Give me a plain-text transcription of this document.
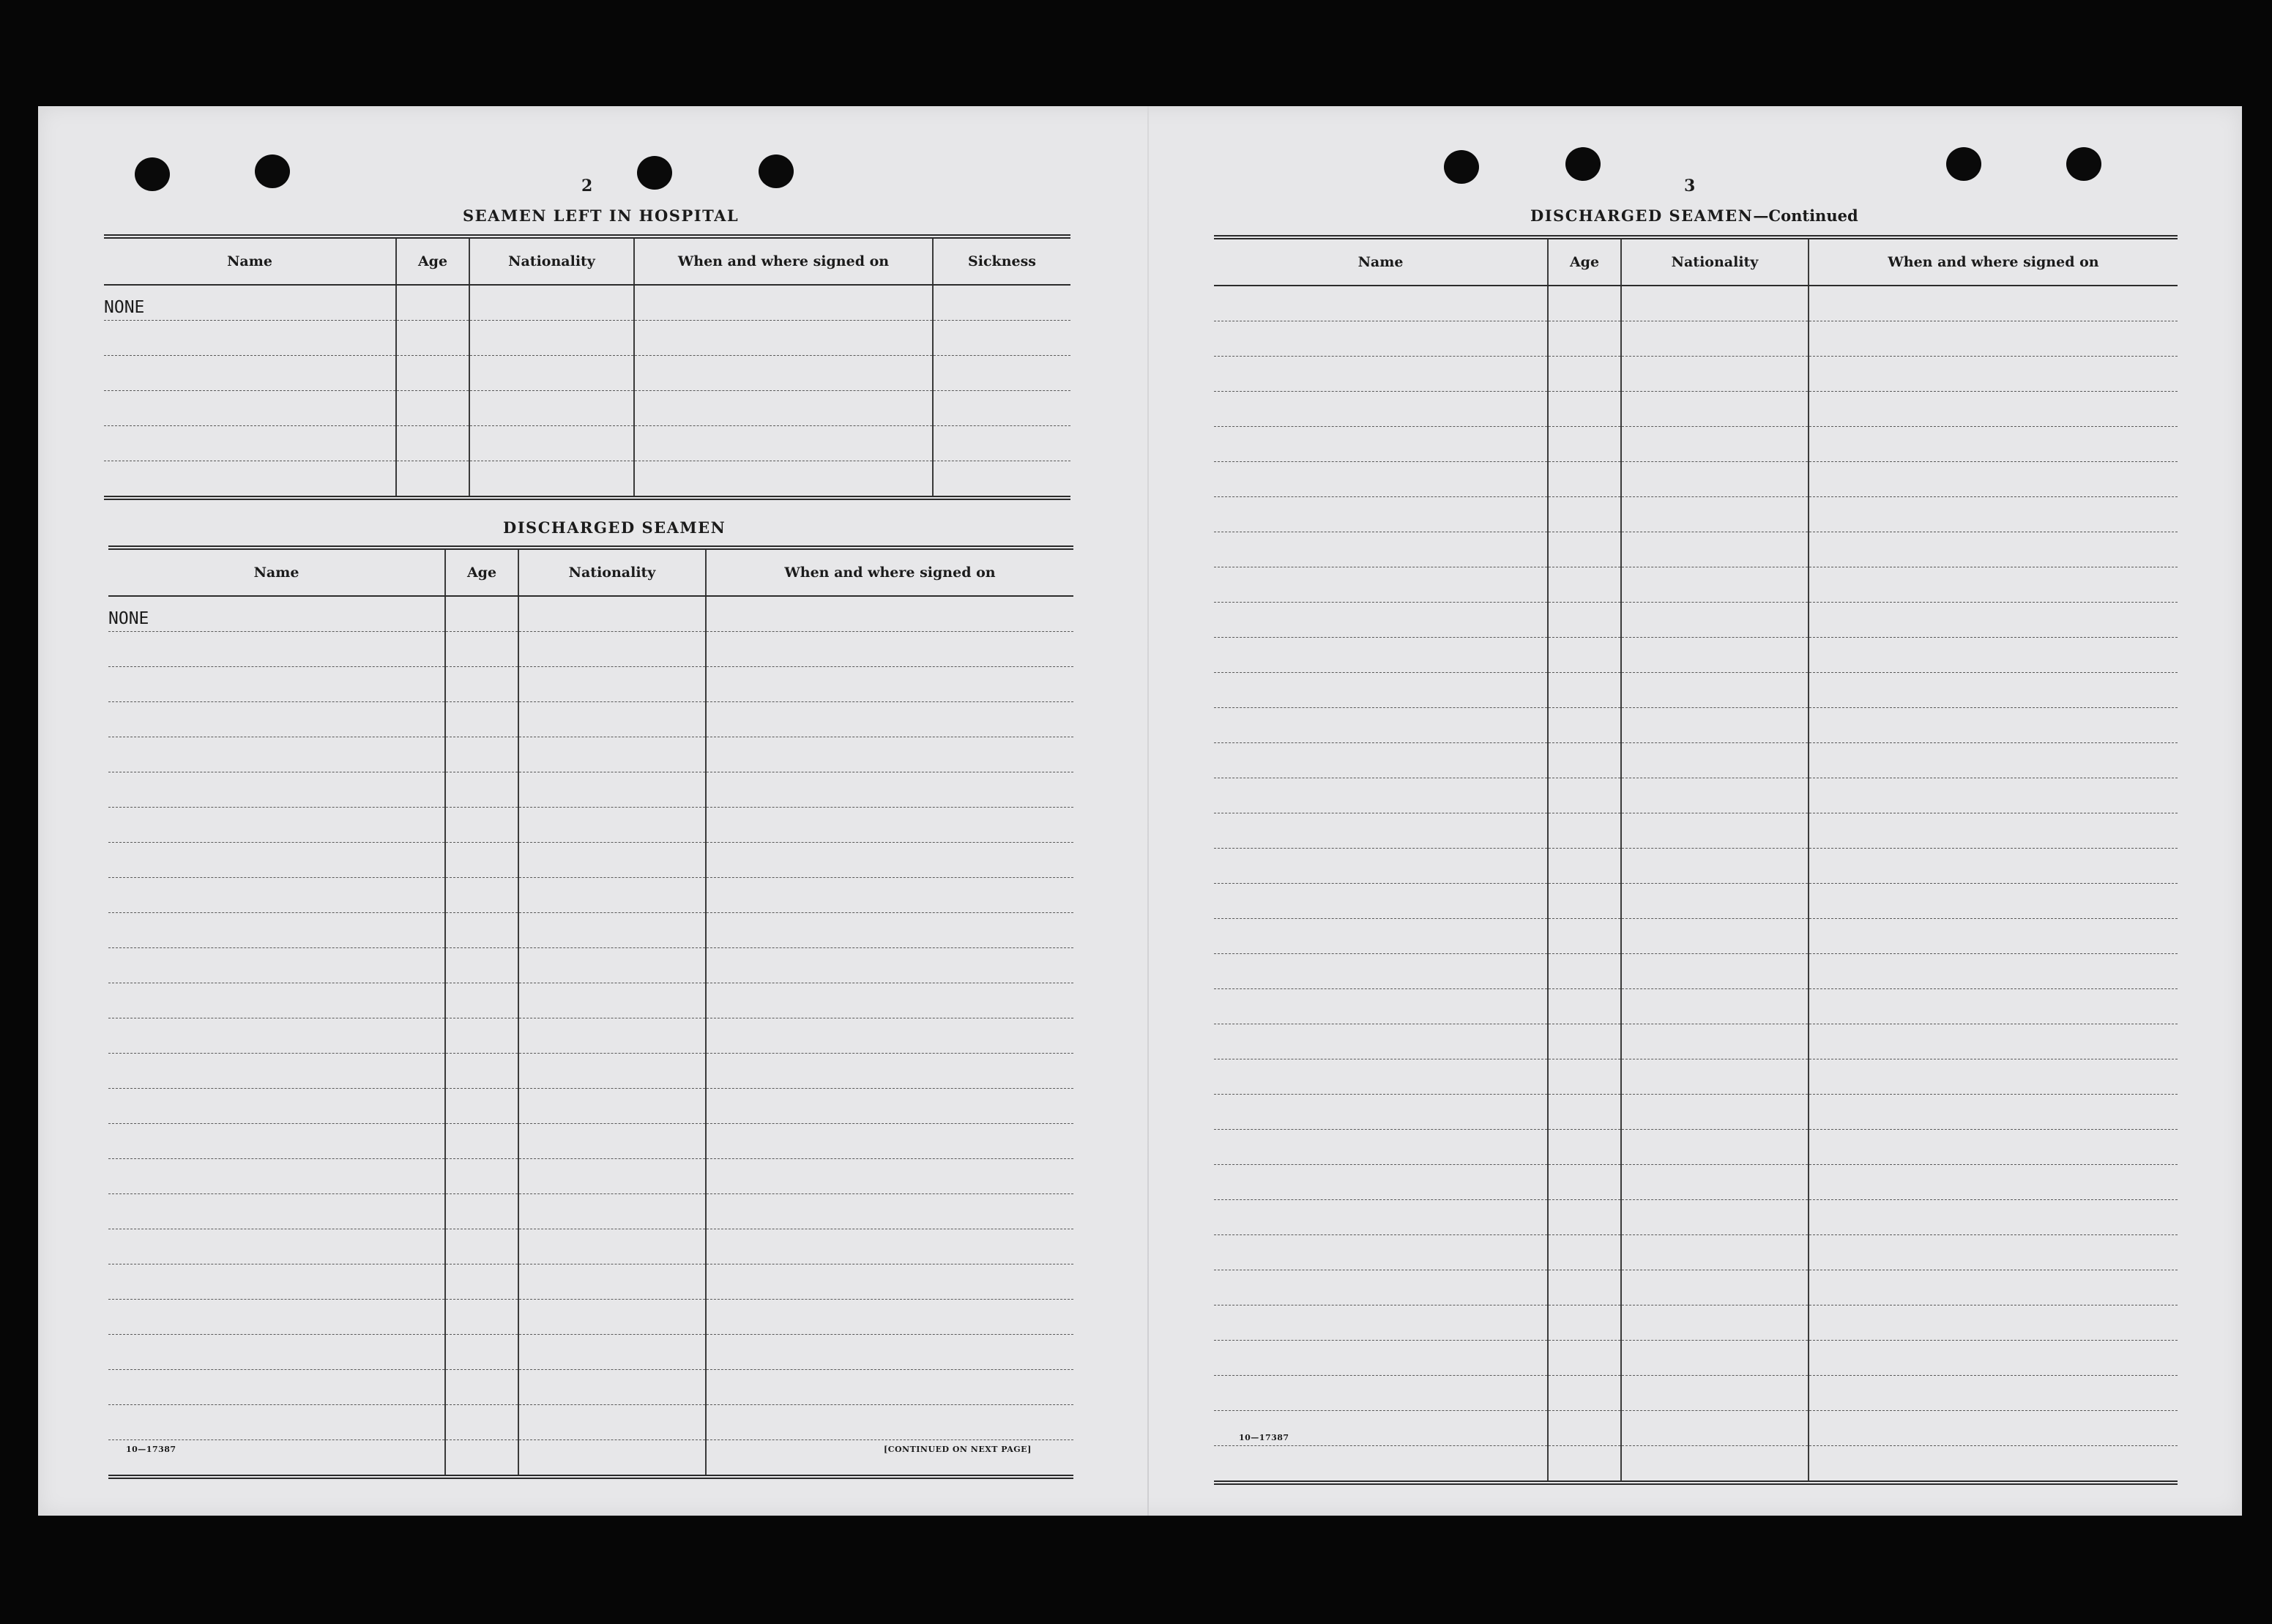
2
SEAMEN LEFT IN HOSPITAL
Name	Age	Nationality	When and where signed on	Sickness
NONE				

DISCHARGED SEAMEN
Name	Age	Nationality	When and where signed on
NONE			

10—17387	[CONTINUED ON NEXT PAGE]
3
DISCHARGED SEAMEN—Continued
Name	Age	Nationality	When and where signed on

10—17387
